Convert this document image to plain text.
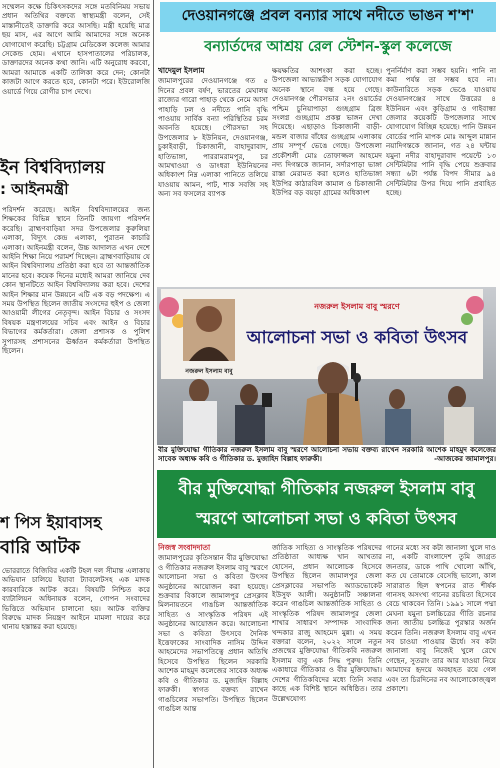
সম্মেলন কক্ষে চিকিৎসকদের সঙ্গে মতবিনিময় সভায় প্রধান অতিথির বক্তব্যে স্বাস্থ্যমন্ত্রী বলেন, সেই মাস্তানীতেই ডাক্তারি করে আসছি। মন্ত্রী হয়েছি মাত্র ছয় মাস, এর আগে আমি আমাদের সঙ্গে অনেক যোগাযোগ করেছি। চট্টগ্রাম মেডিকেল কলেজ আমার সেকেন্ড হোম। এখানে হাসপাতালের পরিচালক, ডাক্তারদের অনেক কথা জানি। এটি অনুরোধ করবো, আমরা আমাকে একটি তালিকা করে দেন; কোনটা কাজটা আগে করতে হবে, কোনটা পরে। ইউরোলজি ওয়ার্ডে গিয়ে রোগীর চাপ দেখে।

ইন বিশ্ববিদ্যালয়
: আইনমন্ত্রী

পরিদর্শন করেছে। আইন বিশ্ববিদ্যালয়ের জন্য শিক্ষকের বিভিন্ন স্থানে তিনটি জায়গা পরিদর্শন করেছি। ব্রাহ্মণবাড়িয়া সদর উপজেলার কুরুলিয়া এলাকা, বিদ্যুৎ কেন্দ্র এলাকা, পুরাতন কাচারি এলাকা। আইনমন্ত্রী বলেন, উচ্চ আদালত এখন দেশে আইনি শিক্ষা নিয়ে পরামর্শ দিচ্ছেন। ব্রাহ্মণবাড়িয়ায় যে আইন বিশ্ববিদ্যালয় প্রতিষ্ঠা করা হবে তা আন্তর্জাতিক মানের হবে। কয়েক দিনের মধ্যেই আমরা জানিয়ে দেব কোন স্থানটিতে আইন বিশ্ববিদ্যালয় করা হবে। দেশের আইন শিক্ষার মান উন্নয়নে এটি এক বড় পদক্ষেপ। এ সময় উপস্থিত ছিলেন জাতীয় সংসদের হুইপ ও জেলা আওয়ামী লীগের নেতৃবৃন্দ। আইন বিচার ও সংসদ বিষয়ক মন্ত্রণালয়ের সচিব এবং আইন ও বিচার বিভাগের কর্মকর্তারা। জেলা প্রশাসক ও পুলিশ সুপারসহ প্রশাসনের ঊর্ধ্বতন কর্মকর্তারা উপস্থিত ছিলেন।

শ পিস ইয়াবাসহ
বারি আটক

ভোররাতে বিজিবির একটি টহল দল সীমান্ত এলাকায় অভিযান চালিয়ে ইয়াবা ট্যাবলেটসহ এক মাদক কারবারিকে আটক করে। বিষয়টি নিশ্চিত করে ব্যাটালিয়ন অধিনায়ক বলেন, গোপন সংবাদের ভিত্তিতে অভিযান চালানো হয়। আটক ব্যক্তির বিরুদ্ধে মাদক নিয়ন্ত্রণ আইনে মামলা দায়ের করে থানায় হস্তান্তর করা হয়েছে।

দেওয়ানগঞ্জে প্রবল বন্যার সাথে নদীতে ভাঙন শ'শ'
বন্যার্তদের আশ্রয় রেল স্টেশন-স্কুল কলেজে

খাদেমুল ইসলাম

জামালপুরের দেওয়ানগঞ্জে গত ৫ দিনের প্রবল বর্ষণ, ভারতের মেঘালয় রাজ্যের গারো পাহাড় থেকে নেমে আসা পাহাড়ি ঢল ও নদীতে পানি বৃদ্ধি পাওয়ায় সার্বিক বন্যা পরিস্থিতির চরম অবনতি হয়েছে। পৌরসভা সহ উপজেলার ৮ ইউনিয়ন, দেওয়ানগঞ্জ, চুকাইবাড়ী, চিকাজানী, বাহাদুরাবাদ, হাতিভাঙ্গা, পাররামরামপুর, চর আমখাওয়া ও ডাংধরা ইউনিয়নের অধিকাংশ নিম্ন এলাকা পানিতে তলিয়ে যাওয়ায় আমন, পাট, শাক সবজি সহ অন্য সব ফসলের ব্যাপক

ক্ষয়ক্ষতির আশংকা করা হচ্ছে। উপজেলা আভ্যন্তরীণ সড়ক যোগাযোগ অনেক স্থানে বন্ধ হয়ে গেছে। দেওয়ানগঞ্জ পৌরসভার ২নং ওয়ার্ডের পশ্চিম চুনিয়াপাড়া গুচ্ছগ্রাম ব্রিজ সংলগ্ন গুচ্ছগ্রাম প্রকল্প ভাঙ্গন দেখা দিয়েছে। এছাড়াও চিকাজানী বাড়ী-মন্ডল বাজার বাঁধের গুচ্ছগ্রাম এলাকায় প্রায় সম্পূর্ণ ভেঙে গেছে। উপজেলা প্রকৌশলী মোঃ তোফাজ্জল আহমেদ নদ্য দিগন্তকে জানান, সর্দারপাড়া ভাঙ্গা রাস্তা মেরামত করা হলেও হাতিভাঙ্গা ইউপির কাঠারবিল কামাল ও চিকাজানী ইউপির বড় বয়ড়া গ্রামের অধিকাংশ

পুনর্নির্মাণ করা সম্ভব হয়নি। পানি না কমা পর্যন্ত তা সম্ভব হবে না। কাউনারিতে সড়ক ভেঙে যাওয়ায় দেওয়ানগঞ্জের সাথে উত্তরের ৪ ইউনিয়ন এবং কুড়িগ্রাম ও গাইবান্ধা জেলার কয়েকটি উপজেলার সাথে যোগাযোগ বিচ্ছিন্ন হয়েছে। পানি উন্নয়ন বোর্ডের পানি মাপক মোঃ আব্দুল মান্নান নয়াদিগন্তকে জানান, গত ২৪ ঘন্টায় যমুনা নদীর বাহাদুরাবাদ পয়েন্টে ১৩ সেন্টিমিটার পানি বৃদ্ধি পেয়ে শুক্রবার সন্ধ্যা ৬টা পর্যন্ত বিপদ সীমার ৯৪ সেন্টিমিটার উপর দিয়ে পানি প্রবাহিত হচ্ছে।

নজরুল ইসলাম বাবু স্মরণে
আলোচনা সভা ও কবিতা উৎসব
নজরুল ইসলাম বাবু
বীর মুক্তিযোদ্ধা গীতিকার নজরুল ইসলাম বাবু স্মরণে আলোচনা সভায় বক্তব্য রাখেন সরকারি আশেক মাহমুদ কলেজের সাবেক অধ্যক্ষ কবি ও গীতিকার ড. মুজাহিদ বিল্লাহ ফারুকী।	-আজকের জামালপুর।
বীর মুক্তিযোদ্ধা গীতিকার নজরুল ইসলাম বাবু
স্মরণে আলোচনা সভা ও কবিতা উৎসব

নিজস্ব সংবাদদাতা

জামালপুরের কৃতিসন্তান বীর মুক্তিযোদ্ধা ও গীতিকার নজরুল ইসলাম বাবু স্মরণে আলোচনা সভা ও কবিতা উৎসব অনুষ্ঠানের আয়োজন করা হয়েছে। শুক্রবার বিকালে জামালপুর প্রেসক্লাব মিলনায়তনে গাঙচিল আন্তর্জাতিক সাহিত্য ও সাংস্কৃতিক পরিষদ এই অনুষ্ঠানের আয়োজন করে। আলোচনা সভা ও কবিতা উৎসবে দৈনিক ইত্তেফাকের সাংবাদিক নাসিম উদ্দিন আহমেদের সভাপতিত্বে প্রধান অতিথি হিসেবে উপস্থিত ছিলেন সরকারি আশেক মাহমুদ কলেজের সাবেক অধ্যক্ষ কবি ও গীতিকার ড. মুজাহিদ বিল্লাহ ফারুকী। স্বাগত বক্তব্য রাখেন গাঙচিলের সভাপতি। উপস্থিত ছিলেন গাঙচিল আন্ত

র্জাতিক সাহিত্য ও সাংস্কৃতিক পরিষদের প্রতিষ্ঠাতা আধ্যক্ষ খান আখতার হোসেন, প্রধান আলোচক হিসেবে উপস্থিত ছিলেন জামালপুর জেলা প্রেসক্লাবের সভাপতি অ্যাডভোকেট ইউসুফ আলী। অনুষ্ঠানটি সঞ্চালনা করেন গাঙচিল আন্তর্জাতিক সাহিত্য ও সাংস্কৃতিক পরিষদ জামালপুর জেলা শাখার সাধারণ সম্পাদক সাংবাদিক খন্দকার রাজু আহমেদ মুন্না। এ সময় বক্তারা বলেন, ২০২২ সালে নতুন প্রজন্মের মুক্তিযোদ্ধা গীতিকবি নজরুল ইসলাম বাবু এক সিদ্ধ পুরুষ। তিনি একাধারে গীতিকার ও বীর মুক্তিযোদ্ধা। দেশের গীতিকবিদের মধ্যে তিনি সবার কাছে এক বিশিষ্ট স্থানে অধিষ্ঠিত। তার উল্লেখযোগ্য

গানের মধ্যে সব কটা জানালা খুলে দাও না, একটি বাংলাদেশ তুমি জাগ্রত জনতার, ডাকে পাখি খোলো আঁখি, কত যে তোমাকে বেসেছি ভালো, কাল সারারাত ছিল স্বপনের রাত শীর্ষক গানসহ অসংখ্য গানের রচয়িতা হিসেবে বেচে থাকবেন তিনি। ১৯৯১ সালে পদ্মা মেঘনা যমুনা চলচ্চিত্রের গীতি রচনার জন্য জাতীয় চলচ্চিত্র পুরস্কার অর্জন করেন তিনি। নজরুল ইসলাম বাবু এখন সব চাওয়া পাওয়ার ঊর্ধে। সব কটা জানালা বাবু নিজেই খুলে রেখে গেছেন, সুতরাং তার আর যাওয়া নিয়ে আমাদের হৃদয়ে অবহাহত রয়ে গেল এবং তা চিরদিনের নব আলোকোজ্জ্বল প্রকাশে।
